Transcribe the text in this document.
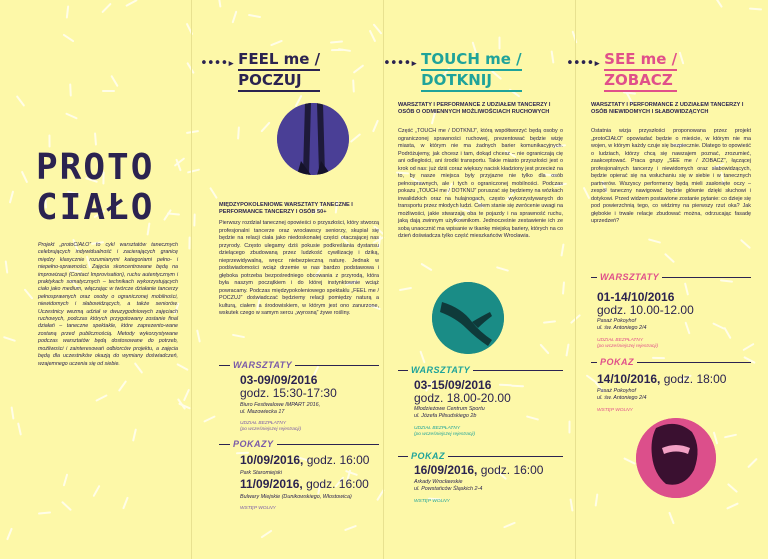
PROTO
CIAŁO
Projekt „protoCIAŁO” to cykl warsztatów tanecznych celebrujących indywidualność i zacierających granicę między klasycznie rozumianymi kategoriami pełno- i niepełno-sprawności. Zajęcia skoncentrowane będą na improwizacji (Contact Improvisation), ruchu autentycznym i praktykach somatycznych – technikach wykorzystujących ciało jako medium, włączając w twórcze działanie tancerzy pełnosprawnych oraz osoby o ograniczonej mobilności, niewidomych i słabowidzących, a także seniorów. Uczestnicy wezmą udział w dwuzygodniowych zajęciach ruchowych, podczas których przygotowany zostanie final działań – taneczne spektakle, które zaprezento-wane zostaną przed publicznością. Metody wykorzystywane podczas warsztatów będą dostosowane do potrzeb, możliwości i zainteresowań odbiorców projektu, a zajęcia będą dla uczestników okazją do wymiany doświadczeń, wzajemnego uczenia się od siebie.
••••▸ FEEL me /
POCZUJ
MIĘDZYPOKOLENIOWE WARSZTATY TANECZNE I PERFORMANCE TANCERZY I OSÓB 50+
Pierwszy rozdział tanecznej opowieści o przyszłości, który stworzą profesjonalni tancerze oraz wrocławscy seniorzy, skupiał się będzie na relacji ciała jako niedoskonałej części otaczającej nas przyrody. Często ulegamy dziś pokusie podkreślania dystansu dzielącego zbudowaną przez ludzkość cywilizację i dziką, nieprzewidywalną, wręcz niebezpieczną naturę. Jednak w podświadomości wciąż drzemie w nas bardzo podstawowa i głęboka potrzeba bezpośredniego obcowania z przyrodą, która była naszym początkiem i do której instynktownie wciąż powracamy. Podczas międzypokoleniowego spektaklu „FEEL me / POCZUJ” doświadczać będziemy relacji pomiędzy naturą a kulturą, ciałem a środowiskiem, w którym jest ono zanurzone, wskutek czego w samym sercu „wyrosną” żywe rośliny.
WARSZTATY
03-09/09/2016
godz. 15:30-17:30
Biuro Festiwalowe IMPART 2016,
ul. Mazowiecka 17
UDZIAŁ BEZPŁATNY
(po wcześniejszej rejestracji)
POKAZY
10/09/2016, godz. 16:00
Park Staromiejski
11/09/2016, godz. 16:00
Bulwary Miejskie (Dunikowskiego, Włostowica)
WSTĘP WOLNY
••••▸ TOUCH me /
DOTKNIJ
WARSZTATY I PERFORMANCE Z UDZIAŁEM TANCERZY I OSÓB O ODMIENNYCH MOŻLIWOŚCIACH RUCHOWYCH
Część „TOUCH me / DOTKNIJ”, którą współtworzyć będą osoby o ograniczonej sprawności ruchowej, prezentować będzie wizję miasta, w którym nie ma żadnych barier komunikacyjnych. Podróżujemy, jak chcesz i tam, dokąd chcesz – nie ograniczają cię ani odległości, ani środki transportu. Takie miasto przyszłości jest o krok od nas: już dziś coraz większy nacisk kładziony jest przecież na to, by nasze miejsca były przyjazne nie tylko dla osób pełnosprawnych, ale i tych o ograniczonej mobilności. Podczas pokazu „TOUCH me / DOTKNIJ” poruszać się będziemy na wózkach inwalidzkich oraz na hulajnogach, często wykorzystywanych do transportu przez młodych ludzi. Celem stanie się zwrócenie uwagi na możliwości, jakie stwarzają oba te pojazdy i na sprawność ruchu, jaką dają zwinnym użytkownikom. Jednocześnie zestawienie ich ze sobą unaocznić ma wpisanie w tkankę miejską bariery, których na co dzień doświadcza tylko część mieszkańców Wrocławia.
WARSZTATY
03-15/09/2016
godz. 18.00-20.00
Młodzieżowe Centrum Sportu
ul. Józefa Piłsudskiego 2b
UDZIAŁ BEZPŁATNY
(po wcześniejszej rejestracji)
POKAZ
16/09/2016, godz. 16:00
Arkady Wrocławskie
ul. Powstańców Śląskich 2-4
WSTĘP WOLNY
••••▸ SEE me /
ZOBACZ
WARSZTATY I PERFORMANCE Z UDZIAŁEM TANCERZY I OSÓB NIEWIDOMYCH I SŁABOWIDZĄCYCH
Ostatnia wizja przyszłości proponowana przez projekt „protoCIAŁO” opowiadać będzie o mieście, w którym nie ma wojen, w którym każdy czuje się bezpiecznie. Dlatego to opowieść o ludziach, którzy chcą się nawzajem poznać, zrozumieć, zaakceptować. Praca grupy „SEE me / ZOBACZ”, łączącej profesjonalnych tancerzy i niewidomych oraz słabowidzących, będzie opierać się na wsłuchaniu się w siebie i w tanecznych partnerów. Wszyscy performerzy będą mieli zasłonięte oczy – zespół taneczny nawigować będzie głównie dzięki słuchowi i dotykowi. Przed widzem postawione zostanie pytanie: co dzieje się pod powierzchnią tego, co widzimy na pierwszy rzut oka? Jak głębokie i trwałe relacje zbudować można, odrzucając fasadę uprzedzeń?
WARSZTATY
01-14/10/2016
godz. 10.00-12.00
Pasaż Pokoyhof
ul. św. Antoniego 2/4
UDZIAŁ BEZPŁATNY
(po wcześniejszej rejestracji)
POKAZ
14/10/2016, godz. 18:00
Pasaż Pokoyhof
ul. św. Antoniego 2/4
WSTĘP WOLNY
